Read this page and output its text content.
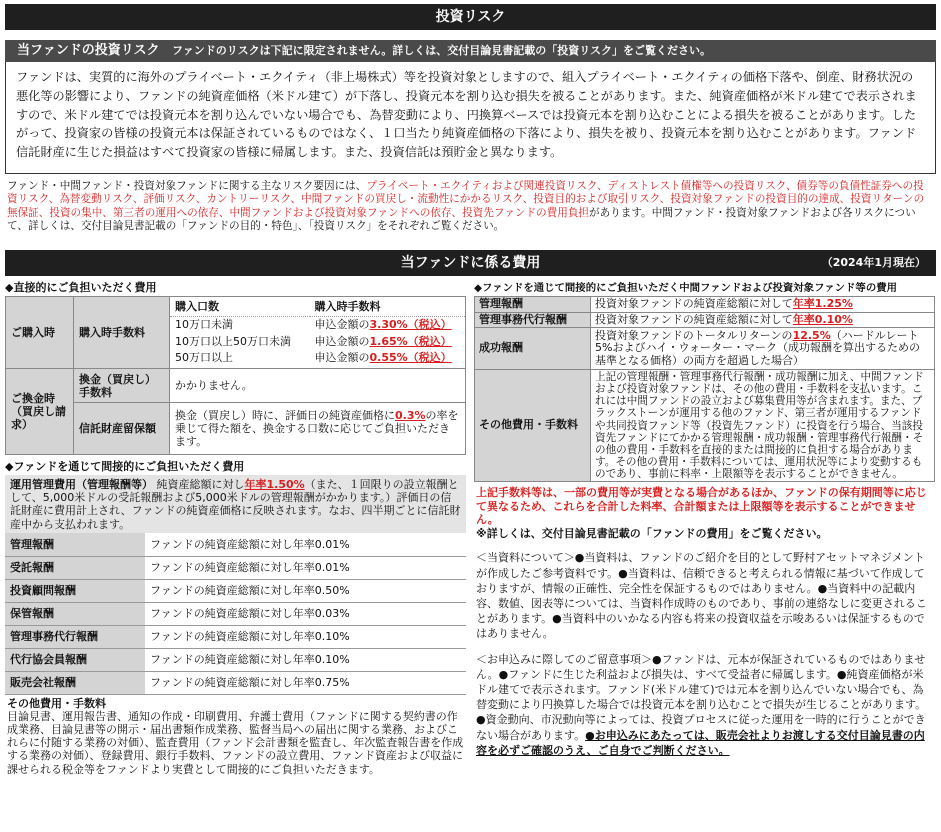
投資リスク
当ファンドの投資リスク ファンドのリスクは下記に限定されません。詳しくは、交付目論見書記載の「投資リスク」をご覧ください。
ファンドは、実質的に海外のプライベート・エクイティ（非上場株式）等を投資対象としますので、組入プライベート・エクイティの価格下落や、倒産、財務状況の悪化等の影響により、ファンドの純資産価格（米ドル建て）が下落し、投資元本を割り込む損失を被ることがあります。また、純資産価格が米ドル建てで表示されますので、米ドル建てでは投資元本を割り込んでいない場合でも、為替変動により、円換算ベースでは投資元本を割り込むことによる損失を被ることがあります。したがって、投資家の皆様の投資元本は保証されているものではなく、１口当たり純資産価格の下落により、損失を被り、投資元本を割り込むことがあります。ファンド信託財産に生じた損益はすべて投資家の皆様に帰属します。また、投資信託は預貯金と異なります。
ファンド・中間ファンド・投資対象ファンドに関する主なリスク要因には、プライベート・エクイティおよび関連投資リスク、ディストレスト債権等への投資リスク、債券等の負債性証券への投資リスク、為替変動リスク、評価リスク、カントリーリスク、中間ファンドの買戻し・流動性にかかるリスク、投資目的および取引リスク、投資対象ファンドの投資目的の達成、投資リターンの無保証、投資の集中、第三者の運用への依存、中間ファンドおよび投資対象ファンドへの依存、投資先ファンドの費用負担があります。中間ファンド・投資対象ファンドおよび各リスクについて、詳しくは、交付目論見書記載の「ファンドの目的・特色」、「投資リスク」をそれぞれご覧ください。
当ファンドに係る費用	（2024年1月現在）
◆直接的にご負担いただく費用
ご購入時	購入時手数料	購入口数	購入時手数料
		10万口未満	申込金額の3.30%（税込）
		10万口以上50万口未満	申込金額の1.65%（税込）
		50万口以上	申込金額の0.55%（税込）
ご換金時（買戻し請求）	換金（買戻し）手数料	かかりません。	
	信託財産留保額	換金（買戻し）時に、評価日の純資産価格に0.3%の率を乗じて得た額を、換金する口数に応じてご負担いただきます。	
◆ファンドを通じて間接的にご負担いただく費用
運用管理費用（管理報酬等） 純資産総額に対し年率1.50%（また、１回限りの設立報酬として、5,000米ドルの受託報酬および5,000米ドルの管理報酬がかかります。）評価日の信託財産に費用計上され、ファンドの純資産価格に反映されます。なお、四半期ごとに信託財産中から支払われます。
管理報酬	ファンドの純資産総額に対し年率0.01%
受託報酬	ファンドの純資産総額に対し年率0.01%
投資顧問報酬	ファンドの純資産総額に対し年率0.50%
保管報酬	ファンドの純資産総額に対し年率0.03%
管理事務代行報酬	ファンドの純資産総額に対し年率0.10%
代行協会員報酬	ファンドの純資産総額に対し年率0.10%
販売会社報酬	ファンドの純資産総額に対し年率0.75%
その他費用・手数料
目論見書、運用報告書、通知の作成・印刷費用、弁護士費用（ファンドに関する契約書の作成業務、目論見書等の開示・届出書類作成業務、監督当局への届出に関する業務、およびこれらに付随する業務の対価）、監査費用（ファンド会計書類を監査し、年次監査報告書を作成する業務の対価）、登録費用、銀行手数料、ファンドの設立費用、ファンド資産および収益に課せられる税金等をファンドより実費として間接的にご負担いただきます。
◆ファンドを通じて間接的にご負担いただく中間ファンドおよび投資対象ファンド等の費用
管理報酬	投資対象ファンドの純資産総額に対して年率1.25%
管理事務代行報酬	投資対象ファンドの純資産総額に対して年率0.10%
成功報酬	投資対象ファンドのトータルリターンの12.5%（ハードルレート5%およびハイ・ウォーター・マーク（成功報酬を算出するための基準となる価格）の両方を超過した場合）
その他費用・手数料	上記の管理報酬・管理事務代行報酬・成功報酬に加え、中間ファンドおよび投資対象ファンドは、その他の費用・手数料を支払います。これには中間ファンドの設立および募集費用等が含まれます。また、ブラックストーンが運用する他のファンド、第三者が運用するファンドや共同投資ファンド等（投資先ファンド）に投資を行う場合、当該投資先ファンドにてかかる管理報酬・成功報酬・管理事務代行報酬・その他の費用・手数料を直接的または間接的に負担する場合があります。その他の費用・手数料については、運用状況等により変動するものであり、事前に料率・上限額等を表示することができません。
上記手数料等は、一部の費用等が実費となる場合があるほか、ファンドの保有期間等に応じて異なるため、これらを合計した料率、合計額または上限額等を表示することができません。
※詳しくは、交付目論見書記載の「ファンドの費用」をご覧ください。
＜当資料について＞●当資料は、ファンドのご紹介を目的として野村アセットマネジメントが作成したご参考資料です。●当資料は、信頼できると考えられる情報に基づいて作成しておりますが、情報の正確性、完全性を保証するものではありません。●当資料中の記載内容、数値、図表等については、当資料作成時のものであり、事前の連絡なしに変更されることがあります。●当資料中のいかなる内容も将来の投資収益を示唆あるいは保証するものではありません。
＜お申込みに際してのご留意事項＞●ファンドは、元本が保証されているものではありません。●ファンドに生じた利益および損失は、すべて受益者に帰属します。●純資産価格が米ドル建てで表示されます。ファンド(米ドル建て)では元本を割り込んでいない場合でも、為替変動により円換算した場合では投資元本を割り込むことで損失が生じることがあります。●資金動向、市況動向等によっては、投資プロセスに従った運用を一時的に行うことができない場合があります。●お申込みにあたっては、販売会社よりお渡しする交付目論見書の内容を必ずご確認のうえ、ご自身でご判断ください。
